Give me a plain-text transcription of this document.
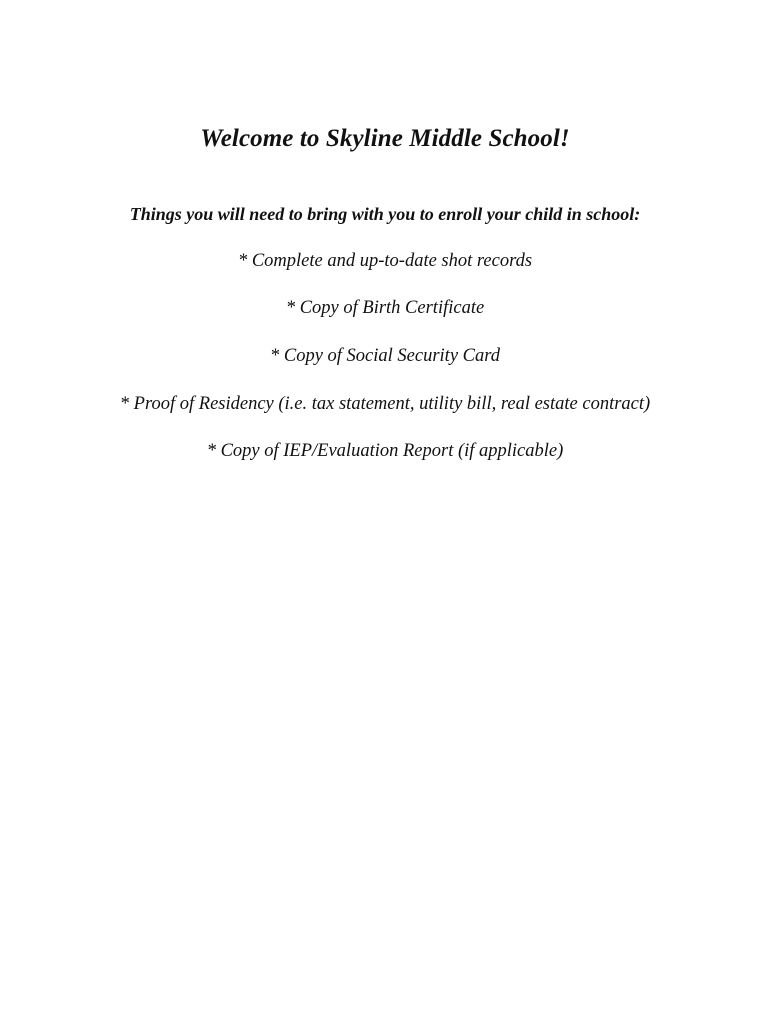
Welcome to Skyline Middle School!

Things you will need to bring with you to enroll your child in school:

* Complete and up-to-date shot records
* Copy of Birth Certificate
* Copy of Social Security Card
* Proof of Residency (i.e. tax statement, utility bill, real estate contract)
* Copy of IEP/Evaluation Report (if applicable)
